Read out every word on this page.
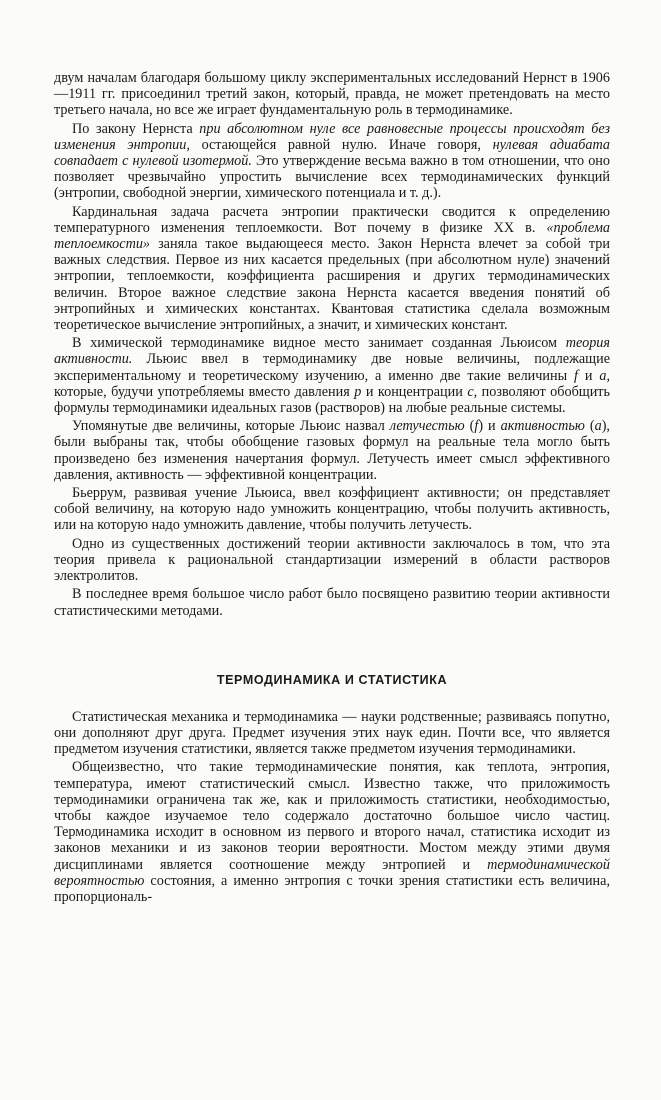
двум началам благодаря большому циклу экспериментальных исследований Нернст в 1906—1911 гг. присоединил третий закон, который, правда, не может претендовать на место третьего начала, но все же играет фундаментальную роль в термодинамике.

По закону Нернста при абсолютном нуле все равновесные процессы происходят без изменения энтропии, остающейся равной нулю. Иначе говоря, нулевая адиабата совпадает с нулевой изотермой. Это утверждение весьма важно в том отношении, что оно позволяет чрезвычайно упростить вычисление всех термодинамических функций (энтропии, свободной энергии, химического потенциала и т. д.).

Кардинальная задача расчета энтропии практически сводится к определению температурного изменения теплоемкости. Вот почему в физике XX в. «проблема теплоемкости» заняла такое выдающееся место. Закон Нернста влечет за собой три важных следствия. Первое из них касается предельных (при абсолютном нуле) значений энтропии, теплоемкости, коэффициента расширения и других термодинамических величин. Второе важное следствие закона Нернста касается введения понятий об энтропийных и химических константах. Квантовая статистика сделала возможным теоретическое вычисление энтропийных, а значит, и химических констант.

В химической термодинамике видное место занимает созданная Льюисом теория активности. Льюис ввел в термодинамику две новые величины, подлежащие экспериментальному и теоретическому изучению, а именно две такие величины f и a, которые, будучи употребляемы вместо давления p и концентрации c, позволяют обобщить формулы термодинамики идеальных газов (растворов) на любые реальные системы.

Упомянутые две величины, которые Льюис назвал летучестью (f) и активностью (a), были выбраны так, чтобы обобщение газовых формул на реальные тела могло быть произведено без изменения начертания формул. Летучесть имеет смысл эффективного давления, активность — эффективной концентрации.

Бьеррум, развивая учение Льюиса, ввел коэффициент активности; он представляет собой величину, на которую надо умножить концентрацию, чтобы получить активность, или на которую надо умножить давление, чтобы получить летучесть.

Одно из существенных достижений теории активности заключалось в том, что эта теория привела к рациональной стандартизации измерений в области растворов электролитов.

В последнее время большое число работ было посвящено развитию теории активности статистическими методами.

ТЕРМОДИНАМИКА И СТАТИСТИКА

Статистическая механика и термодинамика — науки родственные; развиваясь попутно, они дополняют друг друга. Предмет изучения этих наук един. Почти все, что является предметом изучения статистики, является также предметом изучения термодинамики.

Общеизвестно, что такие термодинамические понятия, как теплота, энтропия, температура, имеют статистический смысл. Известно также, что приложимость термодинамики ограничена так же, как и приложимость статистики, необходимостью, чтобы каждое изучаемое тело содержало достаточно большое число частиц. Термодинамика исходит в основном из первого и второго начал, статистика исходит из законов механики и из законов теории вероятности. Мостом между этими двумя дисциплинами является соотношение между энтропией и термодинамической вероятностью состояния, а именно энтропия с точки зрения статистики есть величина, пропорциональ-
